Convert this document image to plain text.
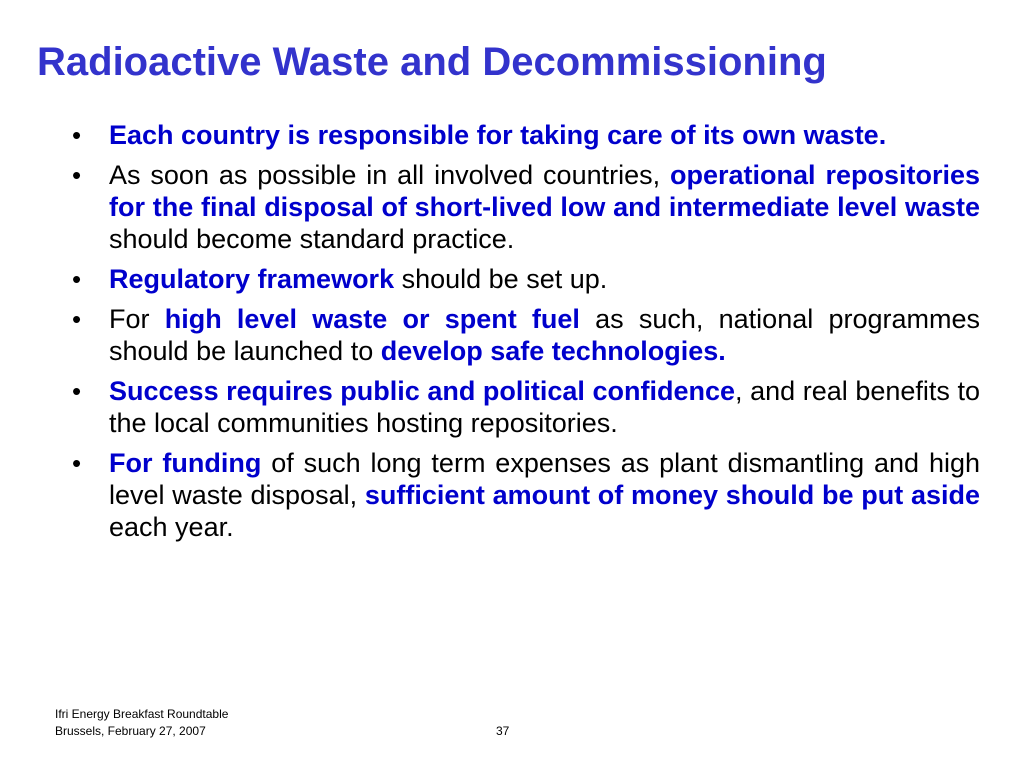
Radioactive Waste and Decommissioning
•	Each country is responsible for taking care of its own waste.
•	As soon as possible in all involved countries, operational repositories for the final disposal of short-lived low and intermediate level waste should become standard practice.
•	Regulatory framework should be set up.
•	For high level waste or spent fuel as such, national programmes should be launched to develop safe technologies.
•	Success requires public and political confidence, and real benefits to the local communities hosting repositories.
•	For funding of such long term expenses as plant dismantling and high level waste disposal, sufficient amount of money should be put aside each year.
Ifri Energy Breakfast Roundtable
Brussels, February 27, 2007	37
